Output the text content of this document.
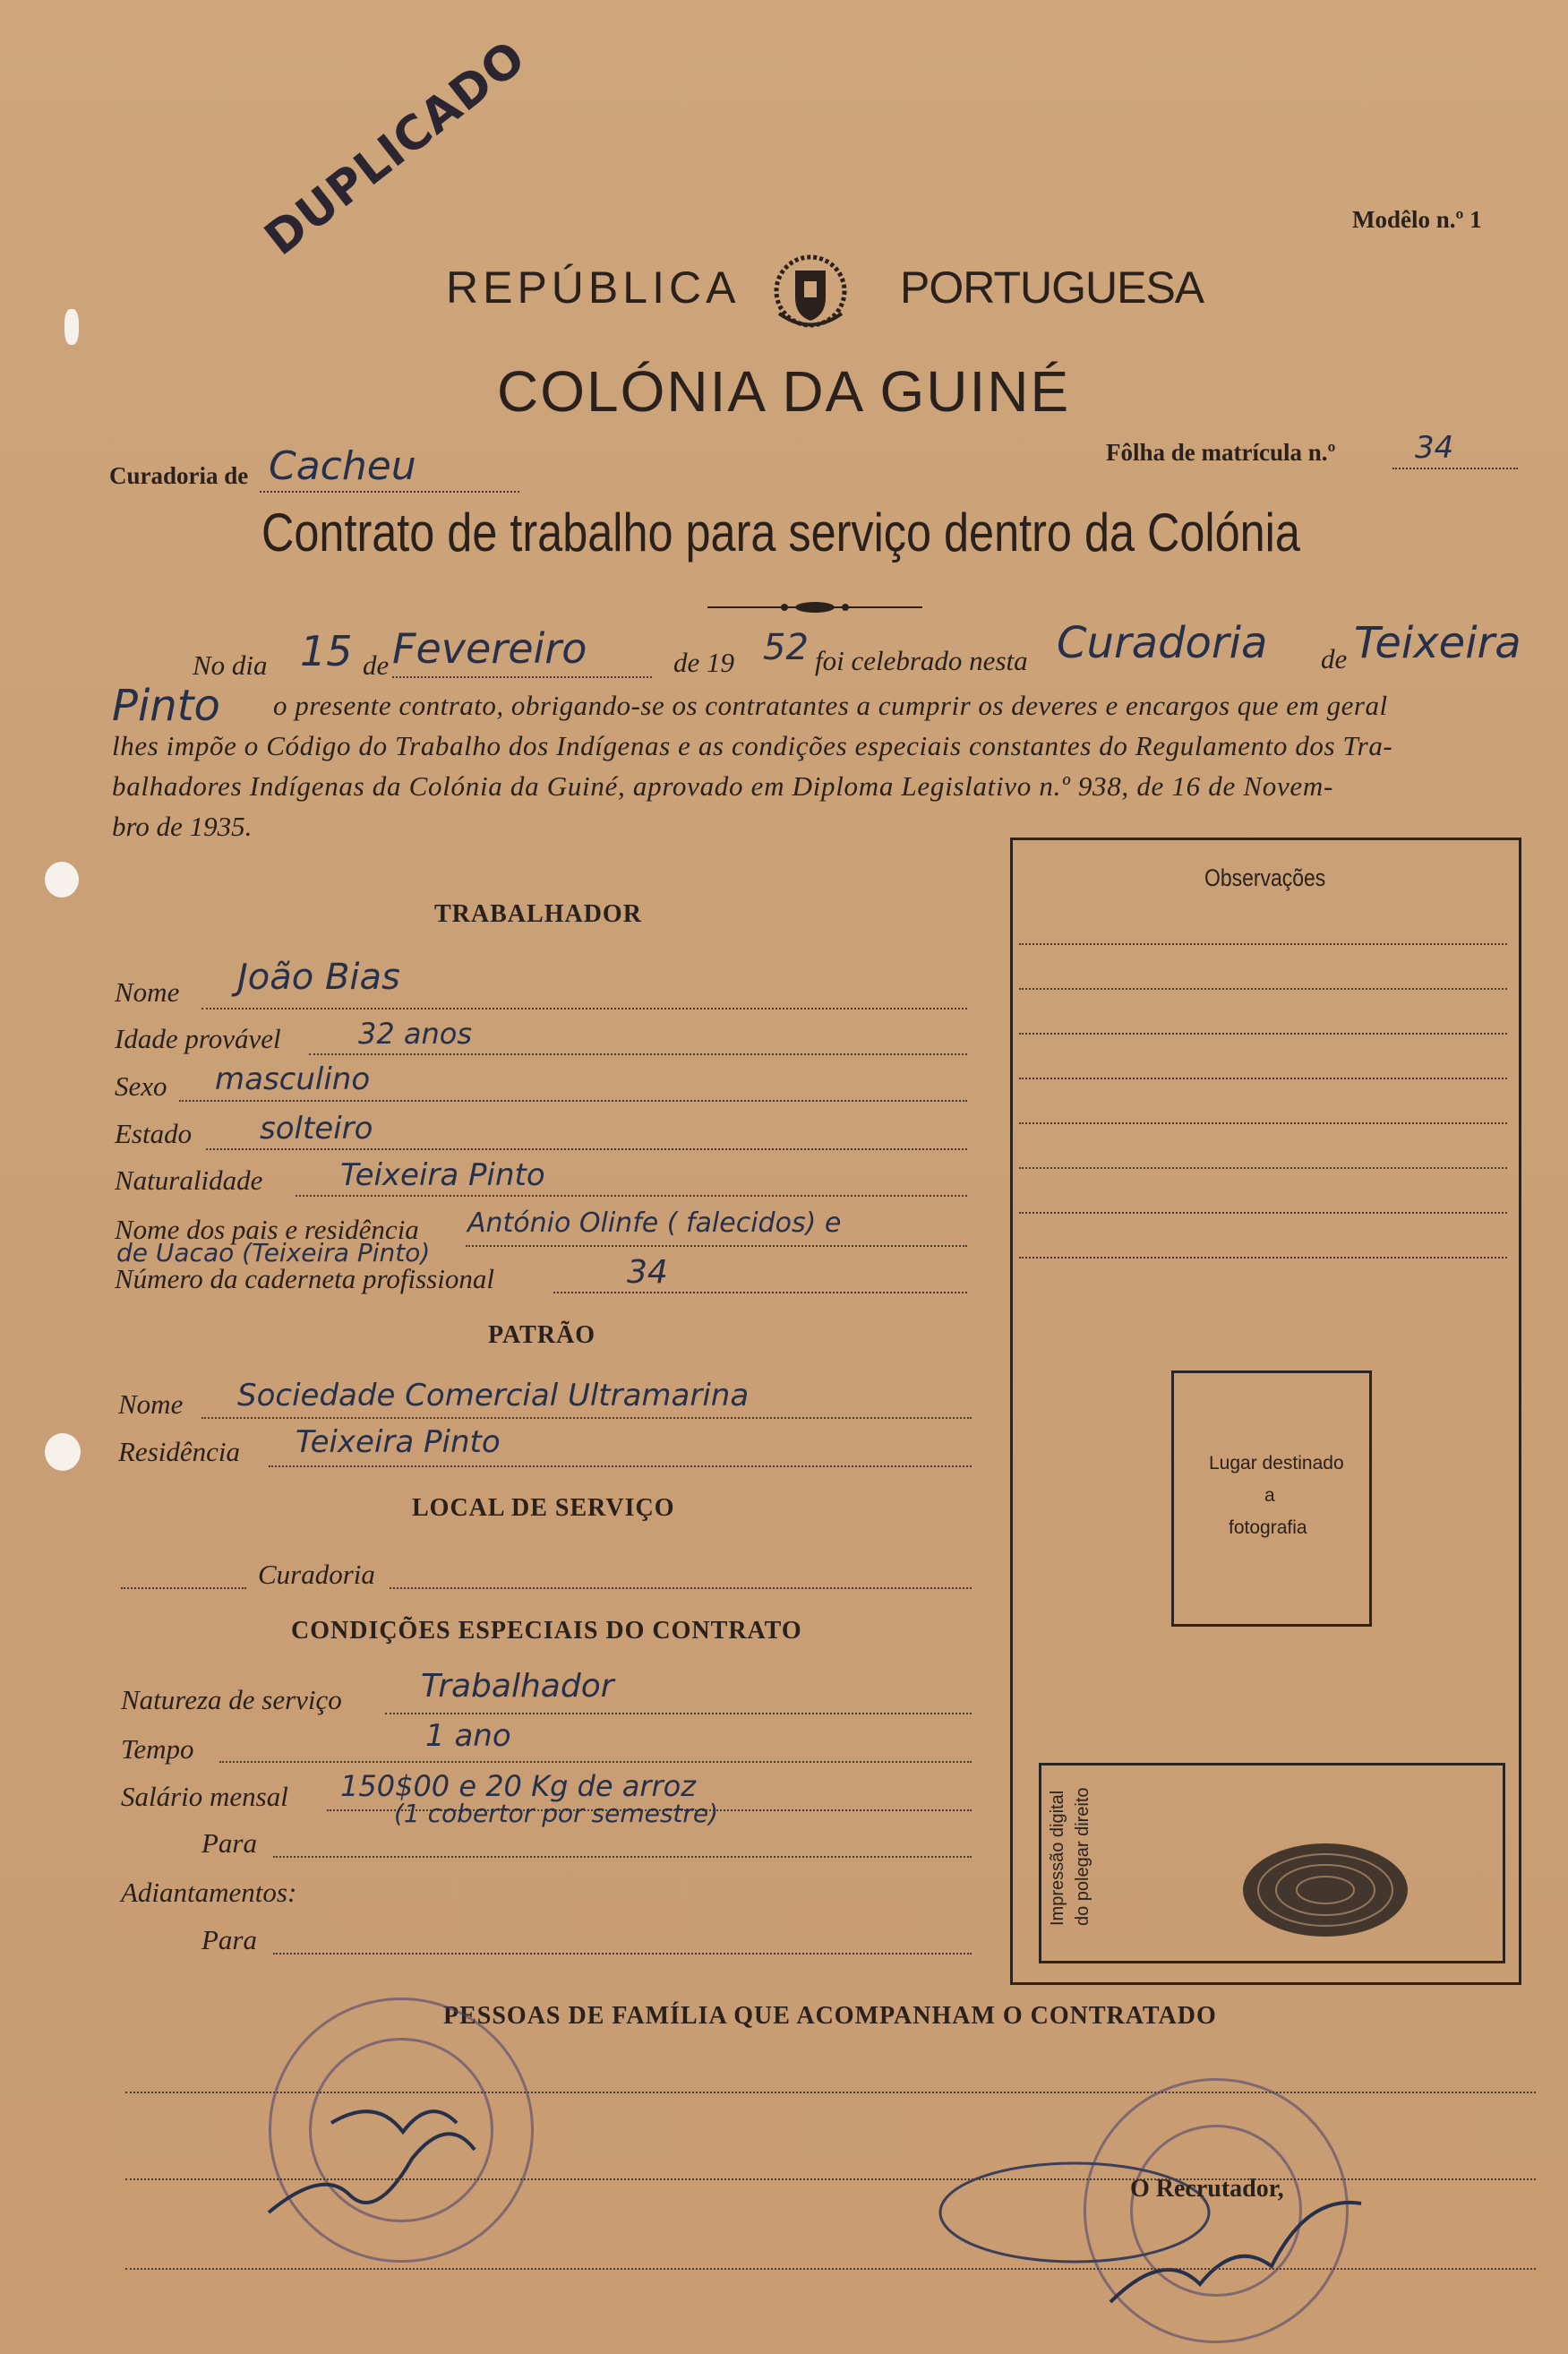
DUPLICADO	Modêlo n.º 1
REPÚBLICA	PORTUGUESA
COLÓNIA DA GUINÉ
Curadoria de Cacheu	Fôlha de matrícula n.º	34
Contrato de trabalho para serviço dentro da Colónia
No dia 15 de Fevereiro	de 19 52 foi celebrado nesta Curadoria de Teixeira
Pinto o presente contrato, obrigando-se os contratantes a cumprir os deveres e encargos que em geral
lhes impõe o Código do Trabalho dos Indígenas e as condições especiais constantes do Regulamento dos Tra-
balhadores Indígenas da Colónia da Guiné, aprovado em Diploma Legislativo n.º 938, de 16 de Novem-
bro de 1935.
TRABALHADOR
Nome João Bias
Idade provável	32 anos
Sexo masculino
Estado solteiro
Naturalidade	Teixeira Pinto
Nome dos pais e residência António Olinfe ( falecidos) e
de Uacao (Teixeira Pinto)
Número da caderneta profissional	34
PATRÃO
Nome Sociedade Comercial Ultramarina
Residência Teixeira Pinto
LOCAL DE SERVIÇO
Curadoria
CONDIÇÕES ESPECIAIS DO CONTRATO
Natureza de serviço Trabalhador
Tempo	1 ano
Salário mensal 150$00 e 20 Kg de arroz
(1 cobertor por semestre)
Para
Adiantamentos:
Para
Observações
Lugar destinado
a
fotografia
Impressão digital do polegar direito
PESSOAS DE FAMÍLIA QUE ACOMPANHAM O CONTRATADO
O Recrutador,
